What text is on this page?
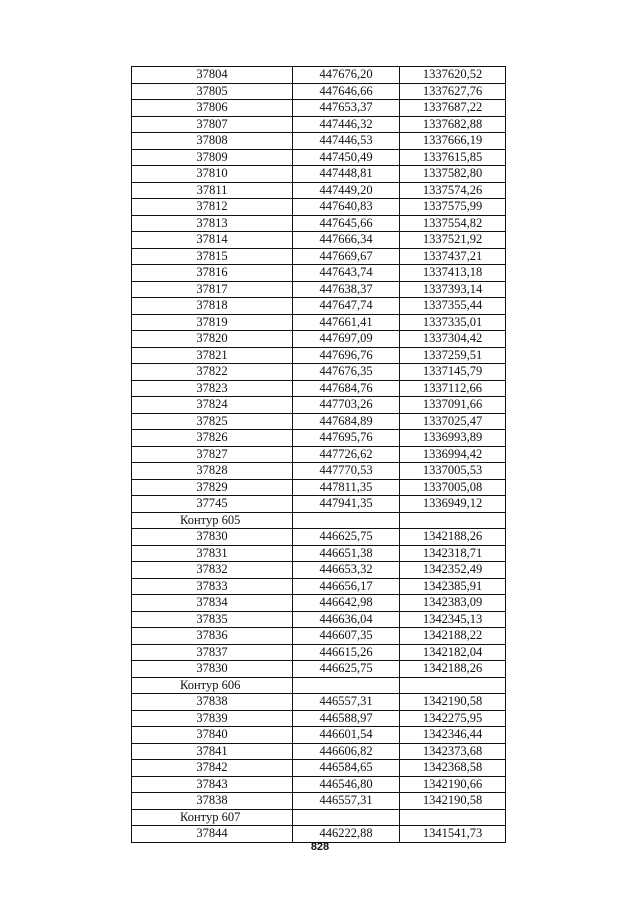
37804	447676,20	1337620,52
37805	447646,66	1337627,76
37806	447653,37	1337687,22
37807	447446,32	1337682,88
37808	447446,53	1337666,19
37809	447450,49	1337615,85
37810	447448,81	1337582,80
37811	447449,20	1337574,26
37812	447640,83	1337575,99
37813	447645,66	1337554,82
37814	447666,34	1337521,92
37815	447669,67	1337437,21
37816	447643,74	1337413,18
37817	447638,37	1337393,14
37818	447647,74	1337355,44
37819	447661,41	1337335,01
37820	447697,09	1337304,42
37821	447696,76	1337259,51
37822	447676,35	1337145,79
37823	447684,76	1337112,66
37824	447703,26	1337091,66
37825	447684,89	1337025,47
37826	447695,76	1336993,89
37827	447726,62	1336994,42
37828	447770,53	1337005,53
37829	447811,35	1337005,08
37745	447941,35	1336949,12
Контур 605		
37830	446625,75	1342188,26
37831	446651,38	1342318,71
37832	446653,32	1342352,49
37833	446656,17	1342385,91
37834	446642,98	1342383,09
37835	446636,04	1342345,13
37836	446607,35	1342188,22
37837	446615,26	1342182,04
37830	446625,75	1342188,26
Контур 606		
37838	446557,31	1342190,58
37839	446588,97	1342275,95
37840	446601,54	1342346,44
37841	446606,82	1342373,68
37842	446584,65	1342368,58
37843	446546,80	1342190,66
37838	446557,31	1342190,58
Контур 607		
37844	446222,88	1341541,73
828
